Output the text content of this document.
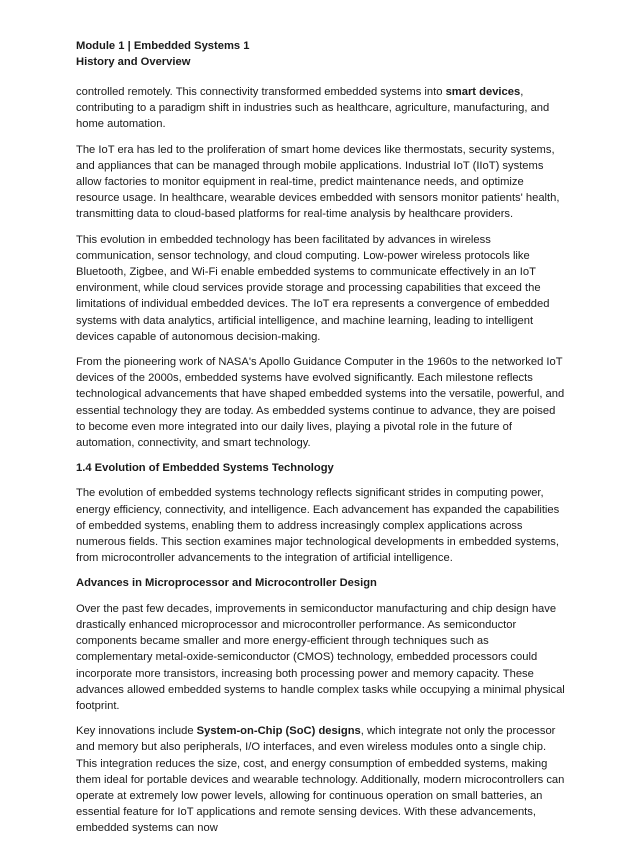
Module 1 | Embedded Systems 1
History and Overview

controlled remotely. This connectivity transformed embedded systems into smart devices, contributing to a paradigm shift in industries such as healthcare, agriculture, manufacturing, and home automation.

The IoT era has led to the proliferation of smart home devices like thermostats, security systems, and appliances that can be managed through mobile applications. Industrial IoT (IIoT) systems allow factories to monitor equipment in real-time, predict maintenance needs, and optimize resource usage. In healthcare, wearable devices embedded with sensors monitor patients' health, transmitting data to cloud-based platforms for real-time analysis by healthcare providers.

This evolution in embedded technology has been facilitated by advances in wireless communication, sensor technology, and cloud computing. Low-power wireless protocols like Bluetooth, Zigbee, and Wi-Fi enable embedded systems to communicate effectively in an IoT environment, while cloud services provide storage and processing capabilities that exceed the limitations of individual embedded devices. The IoT era represents a convergence of embedded systems with data analytics, artificial intelligence, and machine learning, leading to intelligent devices capable of autonomous decision-making.

From the pioneering work of NASA's Apollo Guidance Computer in the 1960s to the networked IoT devices of the 2000s, embedded systems have evolved significantly. Each milestone reflects technological advancements that have shaped embedded systems into the versatile, powerful, and essential technology they are today. As embedded systems continue to advance, they are poised to become even more integrated into our daily lives, playing a pivotal role in the future of automation, connectivity, and smart technology.

1.4 Evolution of Embedded Systems Technology

The evolution of embedded systems technology reflects significant strides in computing power, energy efficiency, connectivity, and intelligence. Each advancement has expanded the capabilities of embedded systems, enabling them to address increasingly complex applications across numerous fields. This section examines major technological developments in embedded systems, from microcontroller advancements to the integration of artificial intelligence.

Advances in Microprocessor and Microcontroller Design

Over the past few decades, improvements in semiconductor manufacturing and chip design have drastically enhanced microprocessor and microcontroller performance. As semiconductor components became smaller and more energy-efficient through techniques such as complementary metal-oxide-semiconductor (CMOS) technology, embedded processors could incorporate more transistors, increasing both processing power and memory capacity. These advances allowed embedded systems to handle complex tasks while occupying a minimal physical footprint.

Key innovations include System-on-Chip (SoC) designs, which integrate not only the processor and memory but also peripherals, I/O interfaces, and even wireless modules onto a single chip. This integration reduces the size, cost, and energy consumption of embedded systems, making them ideal for portable devices and wearable technology. Additionally, modern microcontrollers can operate at extremely low power levels, allowing for continuous operation on small batteries, an essential feature for IoT applications and remote sensing devices. With these advancements, embedded systems can now
